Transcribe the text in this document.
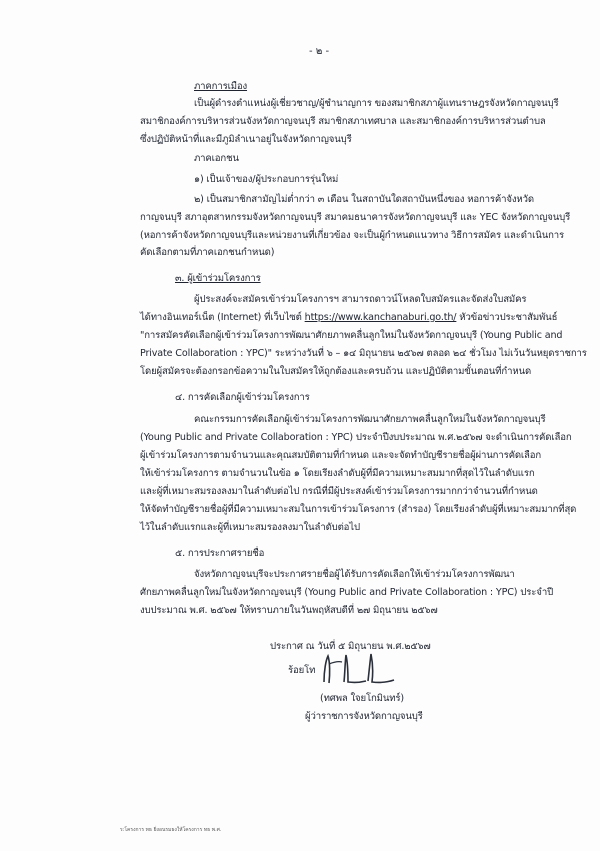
- ๒ -
ภาคการเมือง
เป็นผู้ดำรงตำแหน่งผู้เชี่ยวชาญ/ผู้ชำนาญการ ของสมาชิกสภาผู้แทนราษฎรจังหวัดกาญจนบุรี
สมาชิกองค์การบริหารส่วนจังหวัดกาญจนบุรี สมาชิกสภาเทศบาล และสมาชิกองค์การบริหารส่วนตำบล
ซึ่งปฏิบัติหน้าที่และมีภูมิลำเนาอยู่ในจังหวัดกาญจนบุรี
ภาคเอกชน
๑) เป็นเจ้าของ/ผู้ประกอบการรุ่นใหม่
๒) เป็นสมาชิกสามัญไม่ต่ำกว่า ๓ เดือน ในสถาบันใดสถาบันหนึ่งของ หอการค้าจังหวัด
กาญจนบุรี สภาอุตสาหกรรมจังหวัดกาญจนบุรี สมาคมธนาคารจังหวัดกาญจนบุรี และ YEC จังหวัดกาญจนบุรี
(หอการค้าจังหวัดกาญจนบุรีและหน่วยงานที่เกี่ยวข้อง จะเป็นผู้กำหนดแนวทาง วิธีการสมัคร และดำเนินการ
คัดเลือกตามที่ภาคเอกชนกำหนด)
๓. ผู้เข้าร่วมโครงการ
ผู้ประสงค์จะสมัครเข้าร่วมโครงการฯ สามารถดาวน์โหลดใบสมัครและจัดส่งใบสมัคร
ได้ทางอินเทอร์เน็ต (Internet) ที่เว็บไซต์ https://www.kanchanaburi.go.th/ หัวข้อข่าวประชาสัมพันธ์
"การสมัครคัดเลือกผู้เข้าร่วมโครงการพัฒนาศักยภาพคลื่นลูกใหม่ในจังหวัดกาญจนบุรี (Young Public and
Private Collaboration : YPC)" ระหว่างวันที่ ๖ – ๑๔ มิถุนายน ๒๕๖๗ ตลอด ๒๔ ชั่วโมง ไม่เว้นวันหยุดราชการ
โดยผู้สมัครจะต้องกรอกข้อความในใบสมัครให้ถูกต้องและครบถ้วน และปฏิบัติตามขั้นตอนที่กำหนด
๔. การคัดเลือกผู้เข้าร่วมโครงการ
คณะกรรมการคัดเลือกผู้เข้าร่วมโครงการพัฒนาศักยภาพคลื่นลูกใหม่ในจังหวัดกาญจนบุรี
(Young Public and Private Collaboration : YPC) ประจำปีงบประมาณ พ.ศ.๒๕๖๗ จะดำเนินการคัดเลือก
ผู้เข้าร่วมโครงการตามจำนวนและคุณสมบัติตามที่กำหนด และจะจัดทำบัญชีรายชื่อผู้ผ่านการคัดเลือก
ให้เข้าร่วมโครงการ ตามจำนวนในข้อ ๑ โดยเรียงลำดับผู้ที่มีความเหมาะสมมากที่สุดไว้ในลำดับแรก
และผู้ที่เหมาะสมรองลงมาในลำดับต่อไป กรณีที่มีผู้ประสงค์เข้าร่วมโครงการมากกว่าจำนวนที่กำหนด
ให้จัดทำบัญชีรายชื่อผู้ที่มีความเหมาะสมในการเข้าร่วมโครงการ (สำรอง) โดยเรียงลำดับผู้ที่เหมาะสมมากที่สุด
ไว้ในลำดับแรกและผู้ที่เหมาะสมรองลงมาในลำดับต่อไป
๕. การประกาศรายชื่อ
จังหวัดกาญจนบุรีจะประกาศรายชื่อผู้ได้รับการคัดเลือกให้เข้าร่วมโครงการพัฒนา
ศักยภาพคลื่นลูกใหม่ในจังหวัดกาญจนบุรี (Young Public and Private Collaboration : YPC) ประจำปี
งบประมาณ พ.ศ. ๒๕๖๗ ให้ทราบภายในวันพฤหัสบดีที่ ๒๗ มิถุนายน ๒๕๖๗
ประกาศ ณ วันที่ ๕ มิถุนายน พ.ศ.๒๕๖๗
ร้อยโท
(ทศพล ใจยโกมินทร์)
ผู้ว่าราชการจังหวัดกาญจนบุรี
ร:โครงการ ทธ ยิ่งอนรมธงให้โครงการ ทธ พ.ศ.
